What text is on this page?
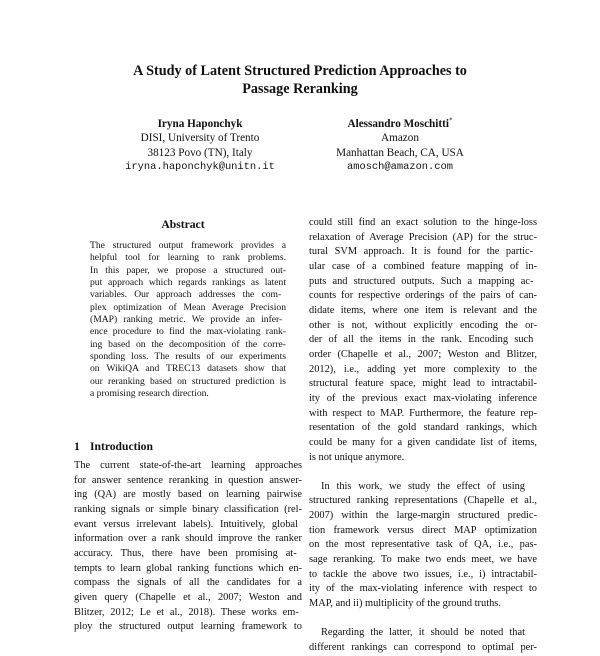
A Study of Latent Structured Prediction Approaches to
Passage Reranking
Iryna Haponchyk
DISI, University of Trento
38123 Povo (TN), Italy
iryna.haponchyk@unitn.it
Alessandro Moschitti*
Amazon
Manhattan Beach, CA, USA
amosch@amazon.com
Abstract
The structured output framework provides a
helpful tool for learning to rank problems.
In this paper, we propose a structured out-
put approach which regards rankings as latent
variables. Our approach addresses the com-
plex optimization of Mean Average Precision
(MAP) ranking metric. We provide an infer-
ence procedure to find the max-violating rank-
ing based on the decomposition of the corre-
sponding loss. The results of our experiments
on WikiQA and TREC13 datasets show that
our reranking based on structured prediction is
a promising research direction.
1 Introduction
The current state-of-the-art learning approaches
for answer sentence reranking in question answer-
ing (QA) are mostly based on learning pairwise
ranking signals or simple binary classification (rel-
evant versus irrelevant labels). Intuitively, global
information over a rank should improve the ranker
accuracy. Thus, there have been promising at-
tempts to learn global ranking functions which en-
compass the signals of all the candidates for a
given query (Chapelle et al., 2007; Weston and
Blitzer, 2012; Le et al., 2018). These works em-
ploy the structured output learning framework to
could still find an exact solution to the hinge-loss
relaxation of Average Precision (AP) for the struc-
tural SVM approach. It is found for the partic-
ular case of a combined feature mapping of in-
puts and structured outputs. Such a mapping ac-
counts for respective orderings of the pairs of can-
didate items, where one item is relevant and the
other is not, without explicitly encoding the or-
der of all the items in the rank. Encoding such
order (Chapelle et al., 2007; Weston and Blitzer,
2012), i.e., adding yet more complexity to the
structural feature space, might lead to intractabil-
ity of the previous exact max-violating inference
with respect to MAP. Furthermore, the feature rep-
resentation of the gold standard rankings, which
could be many for a given candidate list of items,
is not unique anymore.
In this work, we study the effect of using
structured ranking representations (Chapelle et al.,
2007) within the large-margin structured predic-
tion framework versus direct MAP optimization
on the most representative task of QA, i.e., pas-
sage reranking. To make two ends meet, we have
to tackle the above two issues, i.e., i) intractabil-
ity of the max-violating inference with respect to
MAP, and ii) multiplicity of the ground truths.
Regarding the latter, it should be noted that
different rankings can correspond to optimal per-
